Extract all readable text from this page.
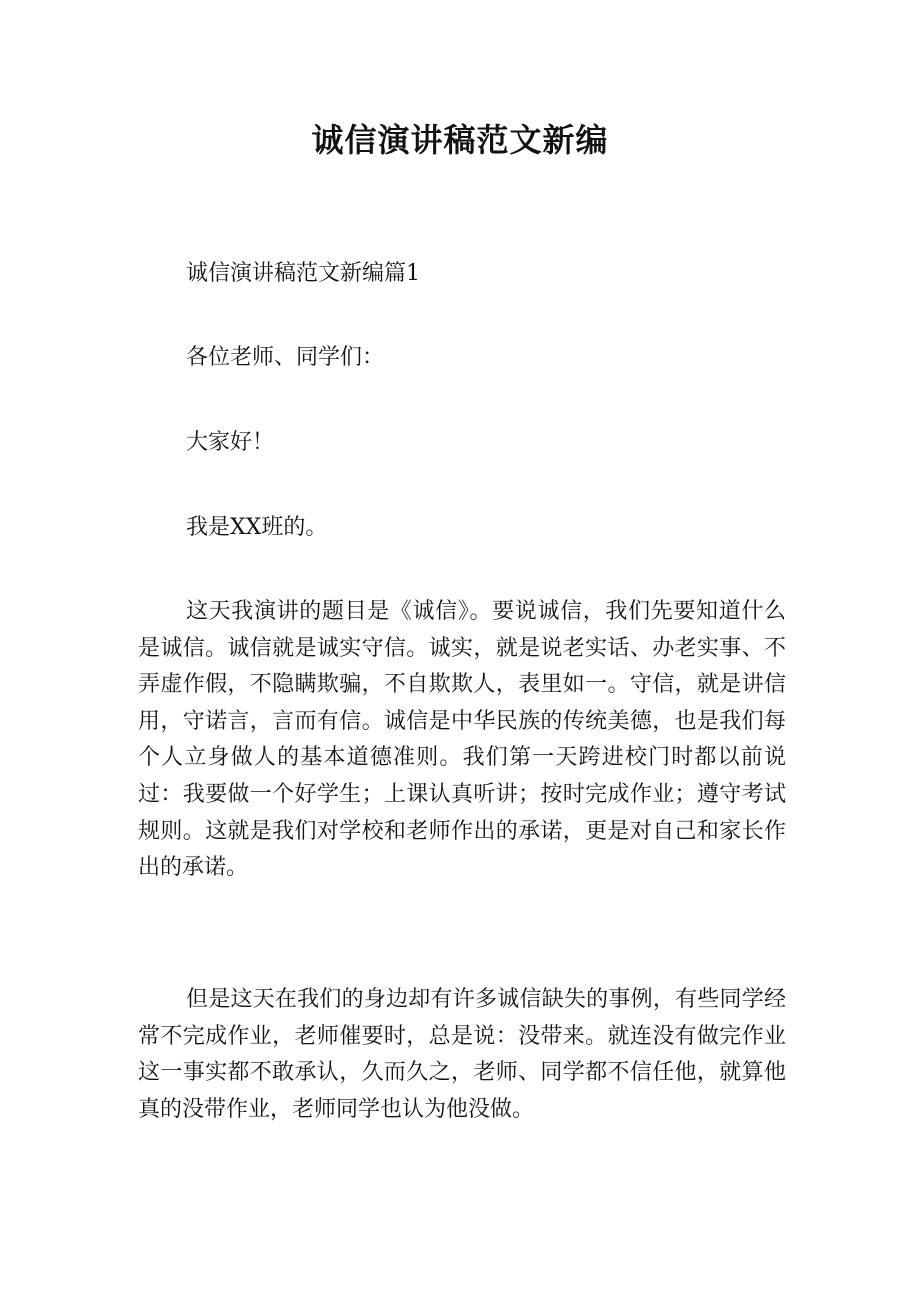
诚信演讲稿范文新编

诚信演讲稿范文新编篇1

各位老师、同学们：

大家好！

我是XX班的。

这天我演讲的题目是《诚信》。要说诚信，我们先要知道什么是诚信。诚信就是诚实守信。诚实，就是说老实话、办老实事、不弄虚作假，不隐瞒欺骗，不自欺欺人，表里如一。守信，就是讲信用，守诺言，言而有信。诚信是中华民族的传统美德，也是我们每个人立身做人的基本道德准则。我们第一天跨进校门时都以前说过：我要做一个好学生；上课认真听讲；按时完成作业；遵守考试规则。这就是我们对学校和老师作出的承诺，更是对自己和家长作出的承诺。

但是这天在我们的身边却有许多诚信缺失的事例，有些同学经常不完成作业，老师催要时，总是说：没带来。就连没有做完作业这一事实都不敢承认，久而久之，老师、同学都不信任他，就算他真的没带作业，老师同学也认为他没做。
